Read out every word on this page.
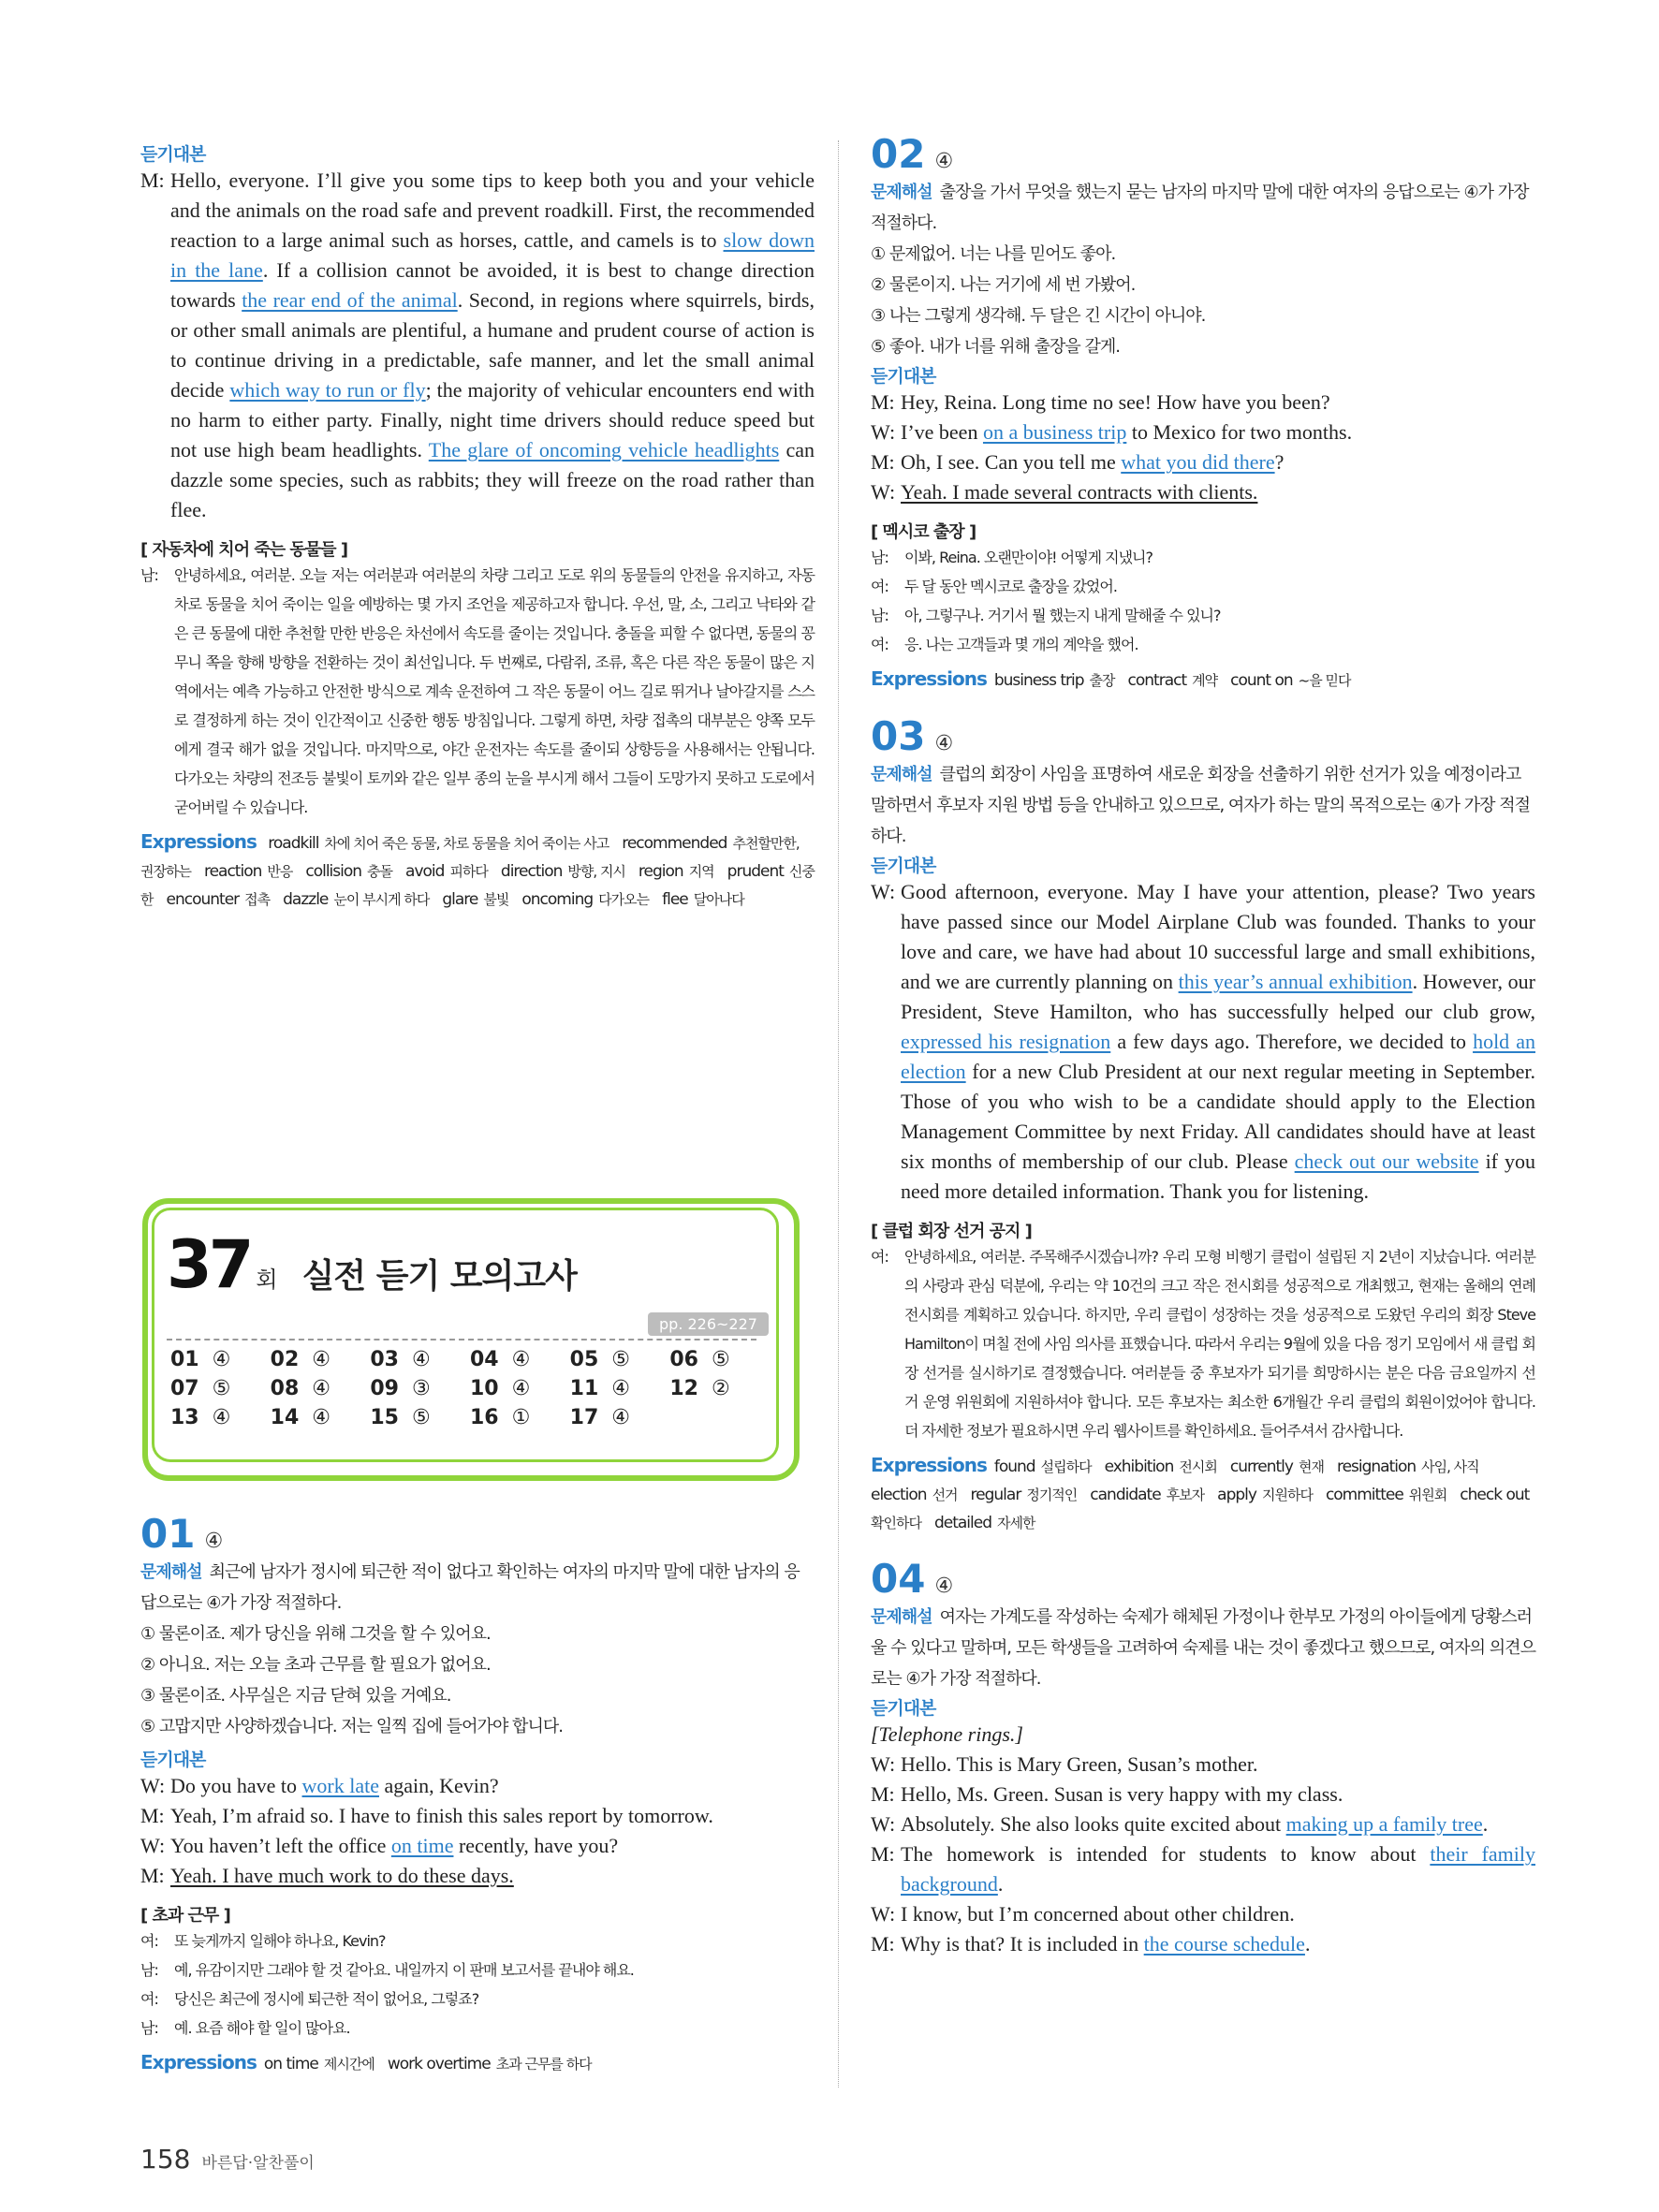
듣기대본
M: Hello, everyone. I’ll give you some tips to keep both you and your vehicle and the animals on the road safe and prevent roadkill. First, the recommended reaction to a large animal such as horses, cattle, and camels is to slow down in the lane. If a collision cannot be avoided, it is best to change direction towards the rear end of the animal. Second, in regions where squirrels, birds, or other small animals are plentiful, a humane and prudent course of action is to continue driving in a predictable, safe manner, and let the small animal decide which way to run or fly; the majority of vehicular encounters end with no harm to either party. Finally, night time drivers should reduce speed but not use high beam headlights. The glare of oncoming vehicle headlights can dazzle some species, such as rabbits; they will freeze on the road rather than flee.
[ 자동차에 치어 죽는 동물들 ]
남:	안녕하세요, 여러분. 오늘 저는 여러분과 여러분의 차량 그리고 도로 위의 동물들의 안전을 유지하고, 자동차로 동물을 치어 죽이는 일을 예방하는 몇 가지 조언을 제공하고자 합니다. 우선, 말, 소, 그리고 낙타와 같은 큰 동물에 대한 추천할 만한 반응은 차선에서 속도를 줄이는 것입니다. 충돌을 피할 수 없다면, 동물의 꽁무니 쪽을 향해 방향을 전환하는 것이 최선입니다. 두 번째로, 다람쥐, 조류, 혹은 다른 작은 동물이 많은 지역에서는 예측 가능하고 안전한 방식으로 계속 운전하여 그 작은 동물이 어느 길로 뛰거나 날아갈지를 스스로 결정하게 하는 것이 인간적이고 신중한 행동 방침입니다. 그렇게 하면, 차량 접촉의 대부분은 양쪽 모두에게 결국 해가 없을 것입니다. 마지막으로, 야간 운전자는 속도를 줄이되 상향등을 사용해서는 안됩니다. 다가오는 차량의 전조등 불빛이 토끼와 같은 일부 종의 눈을 부시게 해서 그들이 도망가지 못하고 도로에서 굳어버릴 수 있습니다.
Expressions roadkill 차에 치어 죽은 동물, 차로 동물을 치어 죽이는 사고 recommended 추천할만한, 권장하는 reaction 반응 collision 충돌 avoid 피하다 direction 방향, 지시 region 지역 prudent 신중한 encounter 접촉 dazzle 눈이 부시게 하다 glare 불빛 oncoming 다가오는 flee 달아나다
37 회 실전 듣기 모의고사
pp. 226~227
01 ④	02 ④	03 ④	04 ④	05 ⑤	06 ⑤
07 ⑤	08 ④	09 ③	10 ④	11 ④	12 ②
13 ④	14 ④	15 ⑤	16 ①	17 ④
01 ④
문제해설 최근에 남자가 정시에 퇴근한 적이 없다고 확인하는 여자의 마지막 말에 대한 남자의 응답으로는 ④가 가장 적절하다.
① 물론이죠. 제가 당신을 위해 그것을 할 수 있어요.
② 아니요. 저는 오늘 초과 근무를 할 필요가 없어요.
③ 물론이죠. 사무실은 지금 닫혀 있을 거예요.
⑤ 고맙지만 사양하겠습니다. 저는 일찍 집에 들어가야 합니다.
듣기대본
W: Do you have to work late again, Kevin?
M: Yeah, I’m afraid so. I have to finish this sales report by tomorrow.
W: You haven’t left the office on time recently, have you?
M: Yeah. I have much work to do these days.
[ 초과 근무 ]
여:	또 늦게까지 일해야 하나요, Kevin?
남:	예, 유감이지만 그래야 할 것 같아요. 내일까지 이 판매 보고서를 끝내야 해요.
여:	당신은 최근에 정시에 퇴근한 적이 없어요, 그렇죠?
남:	예. 요즘 해야 할 일이 많아요.
Expressions on time 제시간에 work overtime 초과 근무를 하다
02 ④
문제해설 출장을 가서 무엇을 했는지 묻는 남자의 마지막 말에 대한 여자의 응답으로는 ④가 가장 적절하다.
① 문제없어. 너는 나를 믿어도 좋아.
② 물론이지. 나는 거기에 세 번 가봤어.
③ 나는 그렇게 생각해. 두 달은 긴 시간이 아니야.
⑤ 좋아. 내가 너를 위해 출장을 갈게.
듣기대본
M: Hey, Reina. Long time no see! How have you been?
W: I’ve been on a business trip to Mexico for two months.
M: Oh, I see. Can you tell me what you did there?
W: Yeah. I made several contracts with clients.
[ 멕시코 출장 ]
남:	이봐, Reina. 오랜만이야! 어떻게 지냈니?
여:	두 달 동안 멕시코로 출장을 갔었어.
남:	아, 그렇구나. 거기서 뭘 했는지 내게 말해줄 수 있니?
여:	응. 나는 고객들과 몇 개의 계약을 했어.
Expressions business trip 출장 contract 계약 count on ~을 믿다
03 ④
문제해설 클럽의 회장이 사임을 표명하여 새로운 회장을 선출하기 위한 선거가 있을 예정이라고 말하면서 후보자 지원 방법 등을 안내하고 있으므로, 여자가 하는 말의 목적으로는 ④가 가장 적절하다.
듣기대본
W: Good afternoon, everyone. May I have your attention, please? Two years have passed since our Model Airplane Club was founded. Thanks to your love and care, we have had about 10 successful large and small exhibitions, and we are currently planning on this year’s annual exhibition. However, our President, Steve Hamilton, who has successfully helped our club grow, expressed his resignation a few days ago. Therefore, we decided to hold an election for a new Club President at our next regular meeting in September. Those of you who wish to be a candidate should apply to the Election Management Committee by next Friday. All candidates should have at least six months of membership of our club. Please check out our website if you need more detailed information. Thank you for listening.
[ 클럽 회장 선거 공지 ]
여:	안녕하세요, 여러분. 주목해주시겠습니까? 우리 모형 비행기 클럽이 설립된 지 2년이 지났습니다. 여러분의 사랑과 관심 덕분에, 우리는 약 10건의 크고 작은 전시회를 성공적으로 개최했고, 현재는 올해의 연례 전시회를 계획하고 있습니다. 하지만, 우리 클럽이 성장하는 것을 성공적으로 도왔던 우리의 회장 Steve Hamilton이 며칠 전에 사임 의사를 표했습니다. 따라서 우리는 9월에 있을 다음 정기 모임에서 새 클럽 회장 선거를 실시하기로 결정했습니다. 여러분들 중 후보자가 되기를 희망하시는 분은 다음 금요일까지 선거 운영 위원회에 지원하셔야 합니다. 모든 후보자는 최소한 6개월간 우리 클럽의 회원이었어야 합니다. 더 자세한 정보가 필요하시면 우리 웹사이트를 확인하세요. 들어주셔서 감사합니다.
Expressions found 설립하다 exhibition 전시회 currently 현재 resignation 사임, 사직election 선거 regular 정기적인 candidate 후보자 apply 지원하다 committee 위원회 check out확인하다 detailed 자세한
04 ④
문제해설 여자는 가계도를 작성하는 숙제가 해체된 가정이나 한부모 가정의 아이들에게 당황스러울 수 있다고 말하며, 모든 학생들을 고려하여 숙제를 내는 것이 좋겠다고 했으므로, 여자의 의견으로는 ④가 가장 적절하다.
듣기대본
[Telephone rings.]
W: Hello. This is Mary Green, Susan’s mother.
M: Hello, Ms. Green. Susan is very happy with my class.
W: Absolutely. She also looks quite excited about making up a family tree.
M: The homework is intended for students to know about their family background.
W: I know, but I’m concerned about other children.
M: Why is that? It is included in the course schedule.
158 바른답·알찬풀이
